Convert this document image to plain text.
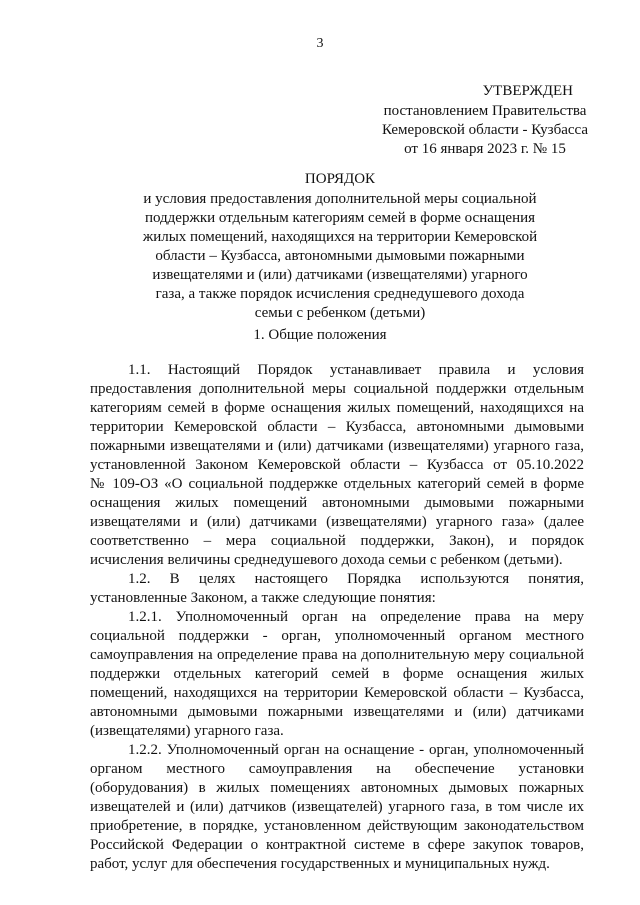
3
УТВЕРЖДЕН
постановлением Правительства
Кемеровской области - Кузбасса
от 16 января 2023 г. № 15
ПОРЯДОК
и условия предоставления дополнительной меры социальной
поддержки отдельным категориям семей в форме оснащения
жилых помещений, находящихся на территории Кемеровской
области – Кузбасса, автономными дымовыми пожарными
извещателями и (или) датчиками (извещателями) угарного
газа, а также порядок исчисления среднедушевого дохода
семьи с ребенком (детьми)
1. Общие положения
1.1. Настоящий Порядок устанавливает правила и условия
предоставления дополнительной меры социальной поддержки отдельным
категориям семей в форме оснащения жилых помещений, находящихся на
территории Кемеровской области – Кузбасса, автономными дымовыми
пожарными извещателями и (или) датчиками (извещателями) угарного газа,
установленной Законом Кемеровской области – Кузбасса от 05.10.2022
№ 109-ОЗ «О социальной поддержке отдельных категорий семей в форме
оснащения жилых помещений автономными дымовыми пожарными
извещателями и (или) датчиками (извещателями) угарного газа» (далее
соответственно – мера социальной поддержки, Закон), и порядок
исчисления величины среднедушевого дохода семьи с ребенком (детьми).
1.2. В целях настоящего Порядка используются понятия,
установленные Законом, а также следующие понятия:
1.2.1. Уполномоченный орган на определение права на меру
социальной поддержки - орган, уполномоченный органом местного
самоуправления на определение права на дополнительную меру социальной
поддержки отдельных категорий семей в форме оснащения жилых
помещений, находящихся на территории Кемеровской области – Кузбасса,
автономными дымовыми пожарными извещателями и (или) датчиками
(извещателями) угарного газа.
1.2.2. Уполномоченный орган на оснащение - орган, уполномоченный
органом местного самоуправления на обеспечение установки
(оборудования) в жилых помещениях автономных дымовых пожарных
извещателей и (или) датчиков (извещателей) угарного газа, в том числе их
приобретение, в порядке, установленном действующим законодательством
Российской Федерации о контрактной системе в сфере закупок товаров,
работ, услуг для обеспечения государственных и муниципальных нужд.
